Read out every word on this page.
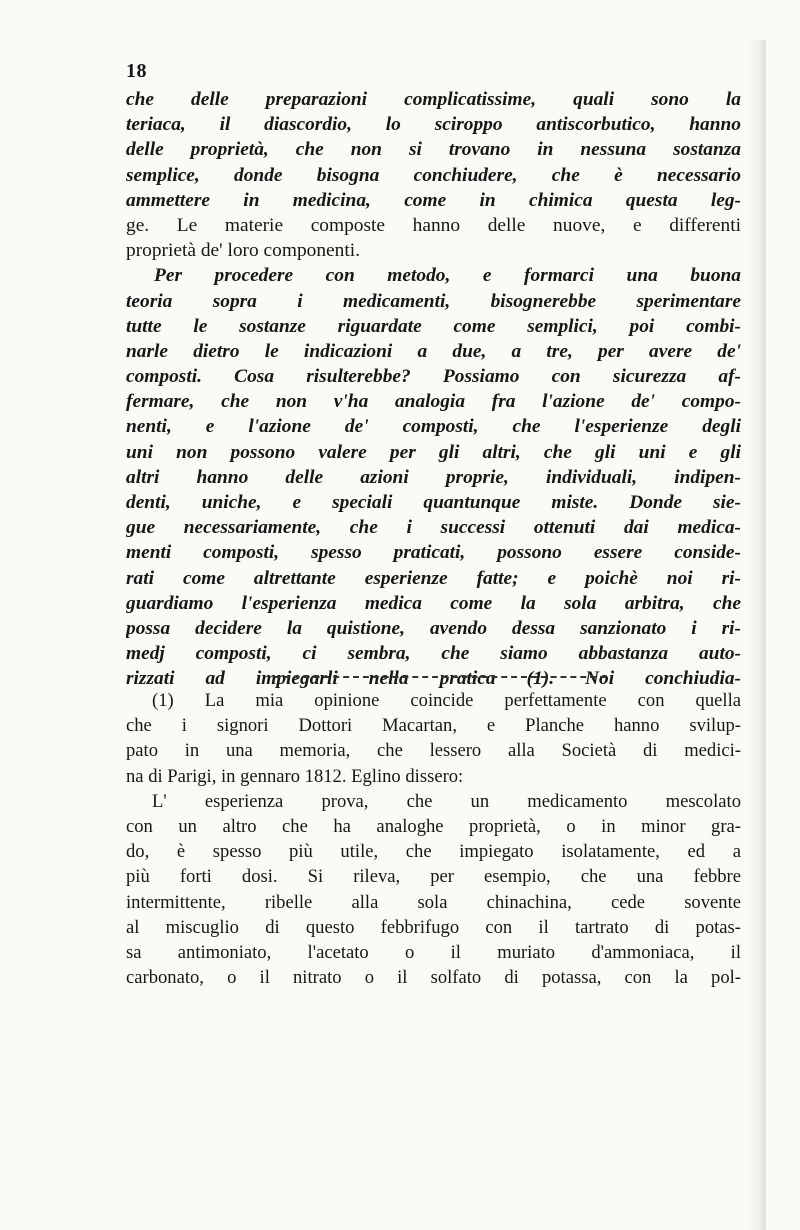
18
che delle preparazioni complicatissime, quali sono la
teriaca, il diascordio, lo sciroppo antiscorbutico, hanno
delle proprietà, che non si trovano in nessuna sostanza
semplice, donde bisogna conchiudere, che è necessario
ammettere in medicina, come in chimica questa leg-
ge. Le materie composte hanno delle nuove, e differenti
proprietà de' loro componenti.
Per procedere con metodo, e formarci una buona
teoria sopra i medicamenti, bisognerebbe sperimentare
tutte le sostanze riguardate come semplici, poi combi-
narle dietro le indicazioni a due, a tre, per avere de'
composti. Cosa risulterebbe? Possiamo con sicurezza af-
fermare, che non v'ha analogia fra l'azione de' compo-
nenti, e l'azione de' composti, che l'esperienze degli
uni non possono valere per gli altri, che gli uni e gli
altri hanno delle azioni proprie, individuali, indipen-
denti, uniche, e speciali quantunque miste. Donde sie-
gue necessariamente, che i successi ottenuti dai medica-
menti composti, spesso praticati, possono essere conside-
rati come altrettante esperienze fatte; e poichè noi ri-
guardiamo l'esperienza medica come la sola arbitra, che
possa decidere la quistione, avendo dessa sanzionato i ri-
medj composti, ci sembra, che siamo abbastanza auto-
rizzati ad impiegarli nella pratica (1). Noi conchiudia-
(1) La mia opinione coincide perfettamente con quella
che i signori Dottori Macartan, e Planche hanno svilup-
pato in una memoria, che lessero alla Società di medici-
na di Parigi, in gennaro 1812. Eglino dissero:
L' esperienza prova, che un medicamento mescolato
con un altro che ha analoghe proprietà, o in minor gra-
do, è spesso più utile, che impiegato isolatamente, ed a
più forti dosi. Si rileva, per esempio, che una febbre
intermittente, ribelle alla sola chinachina, cede sovente
al miscuglio di questo febbrifugo con il tartrato di potas-
sa antimoniato, l'acetato o il muriato d'ammoniaca, il
carbonato, o il nitrato o il solfato di potassa, con la pol-
